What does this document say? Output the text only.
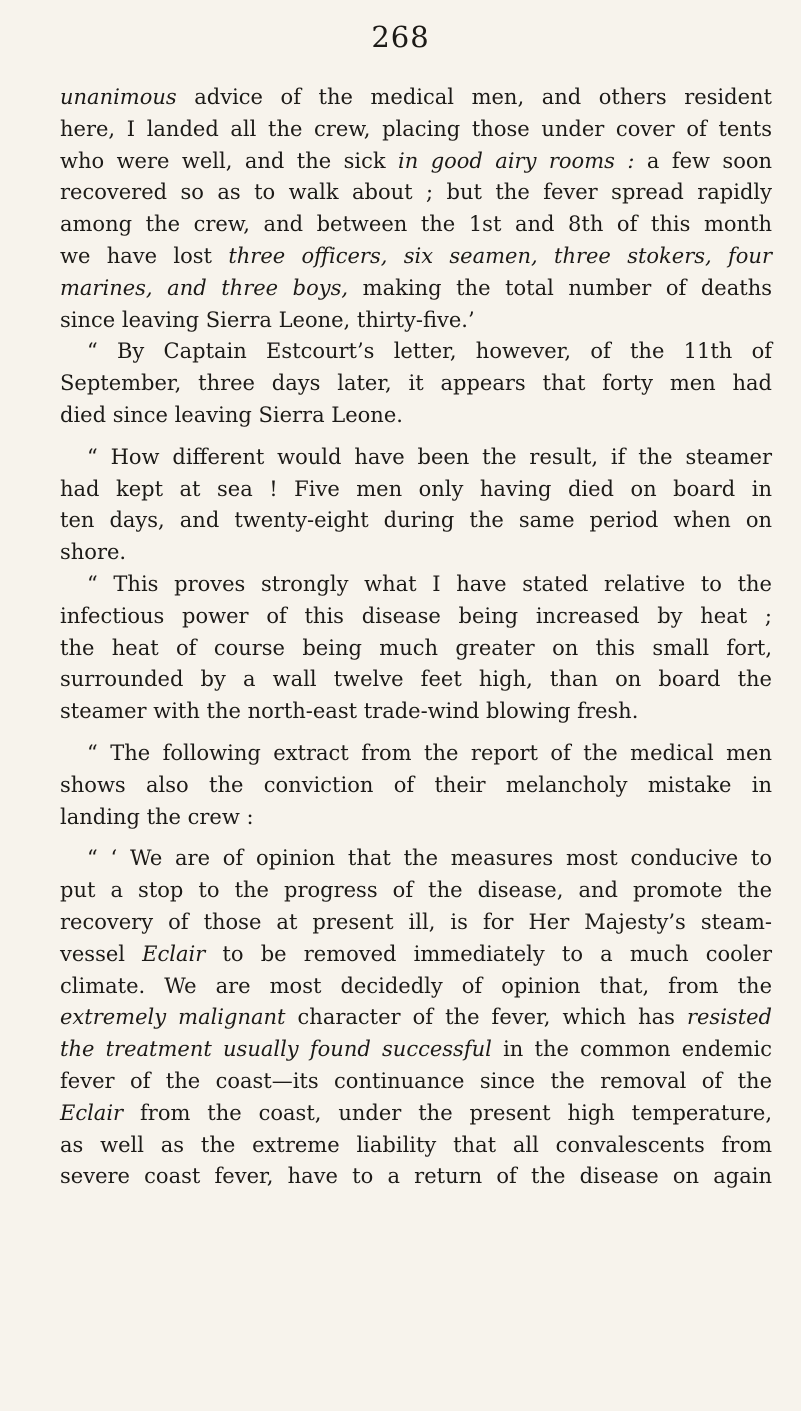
268
unanimous advice of the medical men, and others resident
here, I landed all the crew, placing those under cover of tents
who were well, and the sick in good airy rooms : a few soon
recovered so as to walk about ; but the fever spread rapidly
among the crew, and between the 1st and 8th of this month
we have lost three officers, six seamen, three stokers, four
marines, and three boys, making the total number of deaths
since leaving Sierra Leone, thirty-five.’
“ By Captain Estcourt’s letter, however, of the 11th of
September, three days later, it appears that forty men had
died since leaving Sierra Leone.
“ How different would have been the result, if the steamer
had kept at sea ! Five men only having died on board in
ten days, and twenty-eight during the same period when on
shore.
“ This proves strongly what I have stated relative to the
infectious power of this disease being increased by heat ;
the heat of course being much greater on this small fort,
surrounded by a wall twelve feet high, than on board the
steamer with the north-east trade-wind blowing fresh.
“ The following extract from the report of the medical men
shows also the conviction of their melancholy mistake in
landing the crew :
“ ‘ We are of opinion that the measures most conducive to
put a stop to the progress of the disease, and promote the
recovery of those at present ill, is for Her Majesty’s steam-
vessel Eclair to be removed immediately to a much cooler
climate. We are most decidedly of opinion that, from the
extremely malignant character of the fever, which has resisted
the treatment usually found successful in the common endemic
fever of the coast—its continuance since the removal of the
Eclair from the coast, under the present high temperature,
as well as the extreme liability that all convalescents from
severe coast fever, have to a return of the disease on again
